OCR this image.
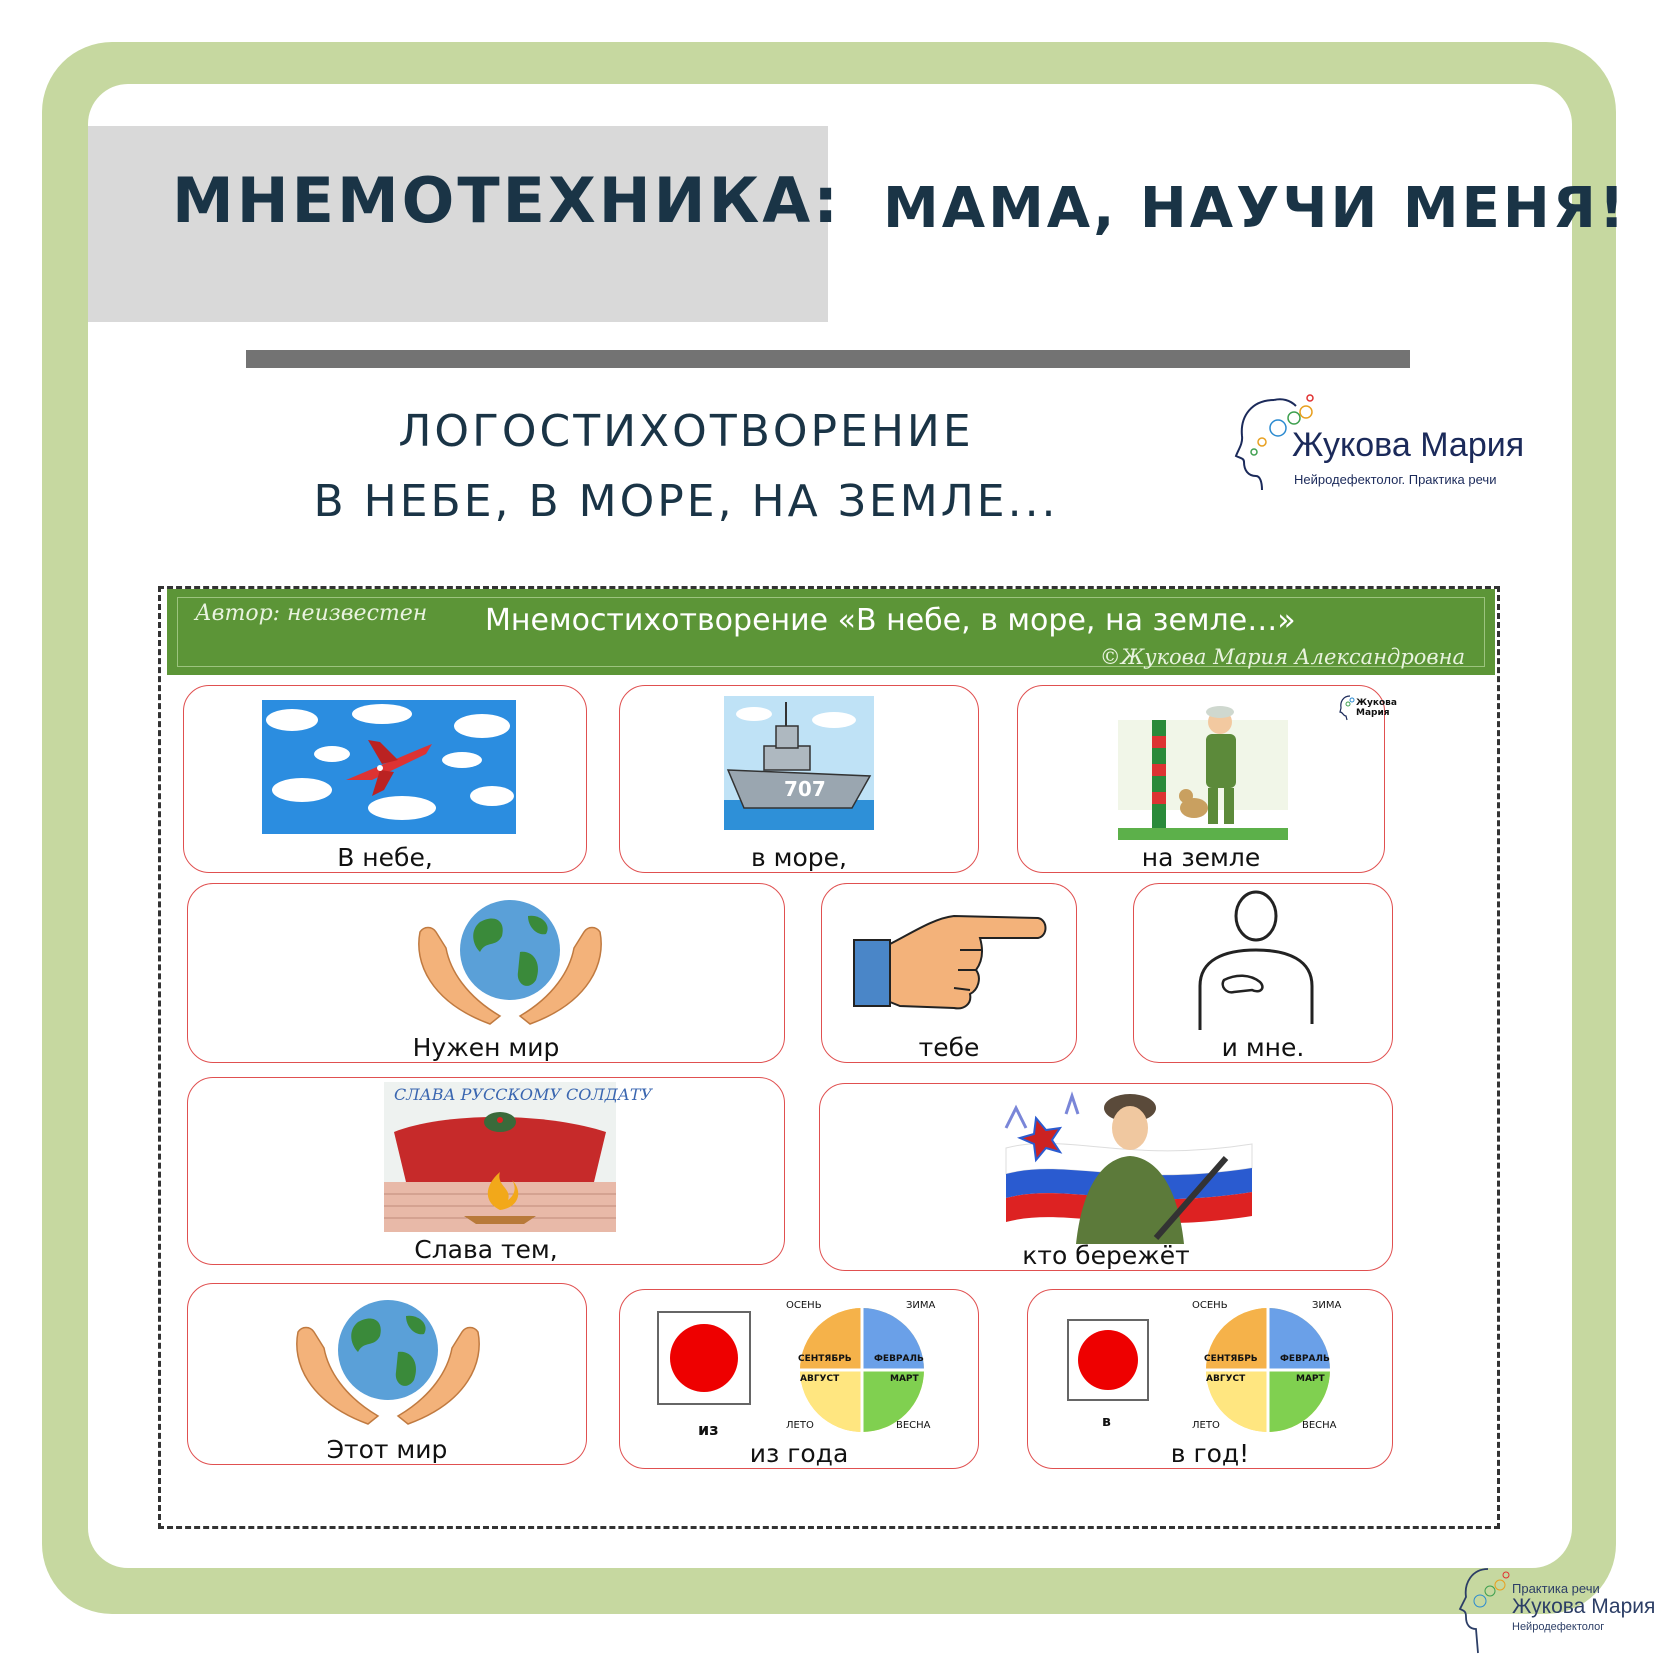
МНЕМОТЕХНИКА: МАМА, НАУЧИ МЕНЯ!
ЛОГОСТИХОТВОРЕНИЕ
В НЕБЕ, В МОРЕ, НА ЗЕМЛЕ...
Жукова Мария
Нейродефектолог. Практика речи
Автор: неизвестен Мнемостихотворение «В небе, в море, на земле…»
©Жукова Мария Александровна
В небе,
707
в море,
Жукова Мария
на земле
Нужен мир	тебе	и мне.
СЛАВА РУССКОМУ СОЛДАТУ
Слава тем,	кто бережёт
Этот мир
СЕНТЯБРЬ ФЕВРАЛЬ
АВГУСТ	МАРТ
ОСЕНЬ	ЗИМА
ЛЕТО	ВЕСНА
из
из года
СЕНТЯБРЬ ФЕВРАЛЬ
АВГУСТ	МАРТ
ОСЕНЬ	ЗИМА
ЛЕТО	ВЕСНА
в
в год!
Практика речи
Жукова Мария
Нейродефектолог
